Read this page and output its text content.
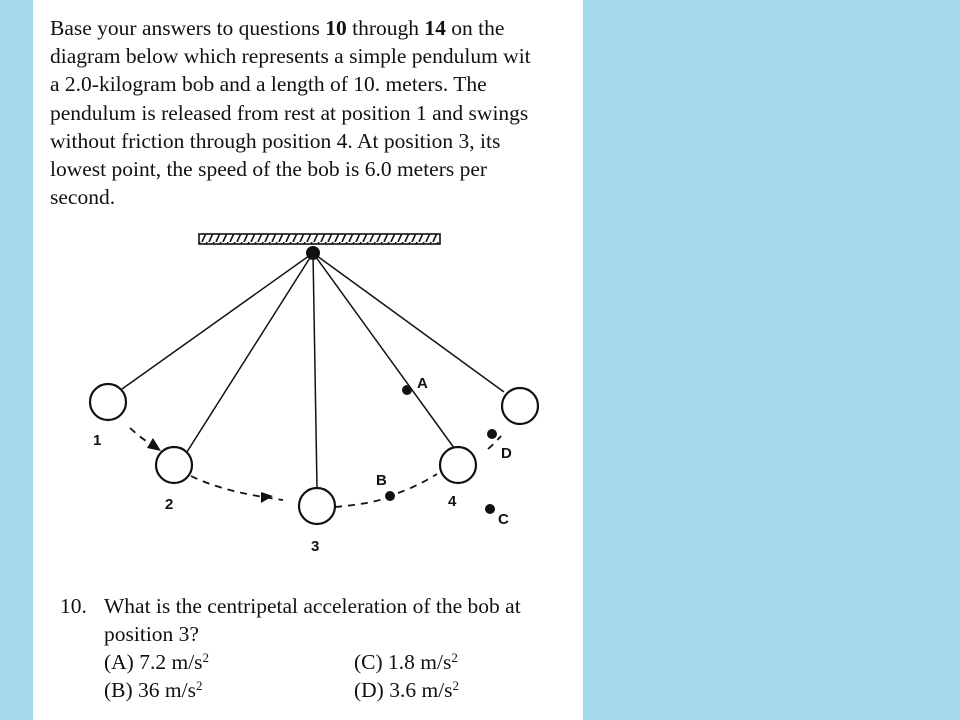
Base your answers to questions 10 through 14 on the
diagram below which represents a simple pendulum wit
a 2.0-kilogram bob and a length of 10. meters. The
pendulum is released from rest at position 1 and swings
without friction through position 4. At position 3, its
lowest point, the speed of the bob is 6.0 meters per
second.
1
2
3
4
A
B
C
D
10. What is the centripetal acceleration of the bob at
position 3?
(A) 7.2 $m/s^2$	(C) 1.8 $m/s^2$
(B) 36 $m/s^2$	(D) 3.6 $m/s^2$
